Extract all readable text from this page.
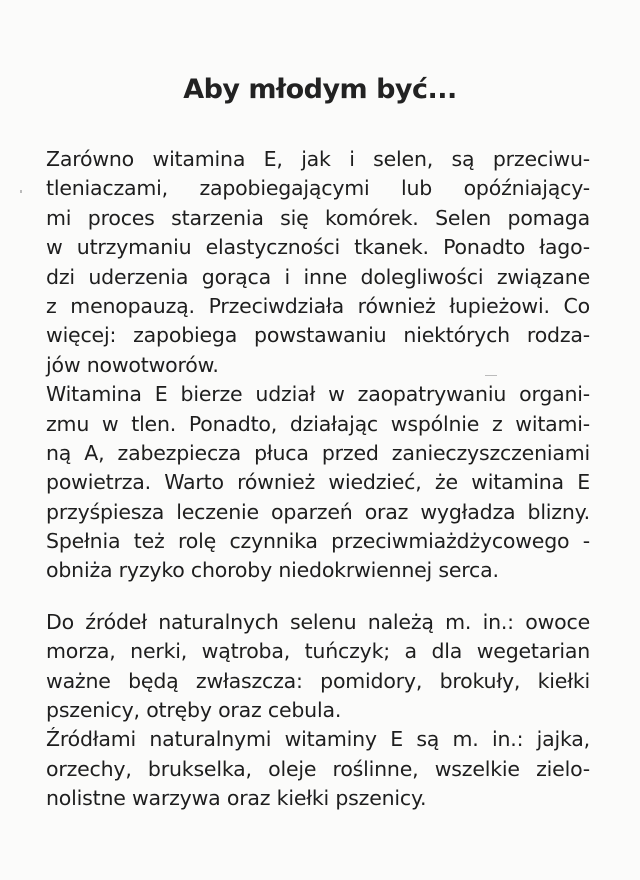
Aby młodym być...
Zarówno witamina E, jak i selen, są przeciwu-
tleniaczami, zapobiegającymi lub opóźniający-
mi proces starzenia się komórek. Selen pomaga
w utrzymaniu elastyczności tkanek. Ponadto łago-
dzi uderzenia gorąca i inne dolegliwości związane
z menopauzą. Przeciwdziała również łupieżowi. Co
więcej: zapobiega powstawaniu niektórych rodza-
jów nowotworów.
Witamina E bierze udział w zaopatrywaniu organi-
zmu w tlen. Ponadto, działając wspólnie z witami-
ną A, zabezpiecza płuca przed zanieczyszczeniami
powietrza. Warto również wiedzieć, że witamina E
przyśpiesza leczenie oparzeń oraz wygładza blizny.
Spełnia też rolę czynnika przeciwmiażdżycowego -
obniża ryzyko choroby niedokrwiennej serca.
Do źródeł naturalnych selenu należą m. in.: owoce
morza, nerki, wątroba, tuńczyk; a dla wegetarian
ważne będą zwłaszcza: pomidory, brokuły, kiełki
pszenicy, otręby oraz cebula.
Źródłami naturalnymi witaminy E są m. in.: jajka,
orzechy, brukselka, oleje roślinne, wszelkie zielo-
nolistne warzywa oraz kiełki pszenicy.
